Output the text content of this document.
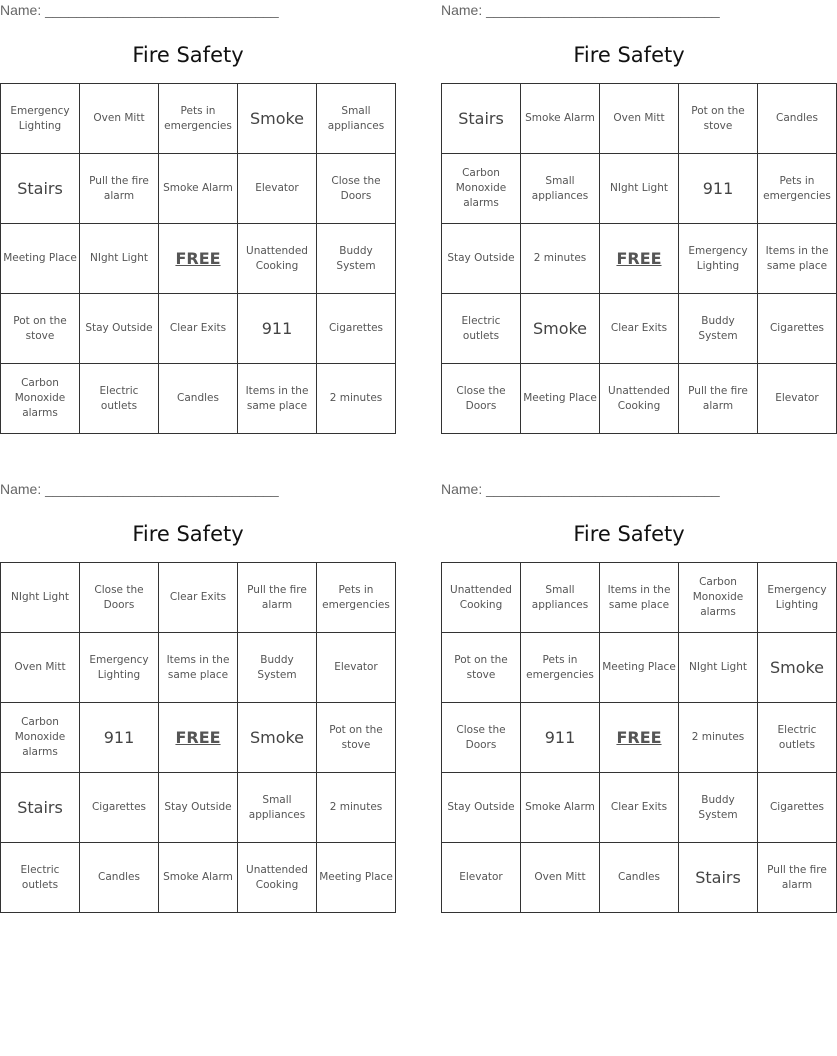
Name: ______________________________
Fire Safety
Emergency Lighting	Oven Mitt	Pets in emergencies	Smoke	Small appliances
Stairs	Pull the fire alarm	Smoke Alarm	Elevator	Close the Doors
Meeting Place	NIght Light	FREE	Unattended Cooking	Buddy System
Pot on the stove	Stay Outside	Clear Exits	911	Cigarettes
Carbon Monoxide alarms	Electric outlets	Candles	Items in the same place	2 minutes
Name: ______________________________
Fire Safety
Stairs	Smoke Alarm	Oven Mitt	Pot on the stove	Candles
Carbon Monoxide alarms	Small appliances	NIght Light	911	Pets in emergencies
Stay Outside	2 minutes	FREE	Emergency Lighting	Items in the same place
Electric outlets	Smoke	Clear Exits	Buddy System	Cigarettes
Close the Doors	Meeting Place	Unattended Cooking	Pull the fire alarm	Elevator
Name: ______________________________
Fire Safety
NIght Light	Close the Doors	Clear Exits	Pull the fire alarm	Pets in emergencies
Oven Mitt	Emergency Lighting	Items in the same place	Buddy System	Elevator
Carbon Monoxide alarms	911	FREE	Smoke	Pot on the stove
Stairs	Cigarettes	Stay Outside	Small appliances	2 minutes
Electric outlets	Candles	Smoke Alarm	Unattended Cooking	Meeting Place
Name: ______________________________
Fire Safety
Unattended Cooking	Small appliances	Items in the same place	Carbon Monoxide alarms	Emergency Lighting
Pot on the stove	Pets in emergencies	Meeting Place	NIght Light	Smoke
Close the Doors	911	FREE	2 minutes	Electric outlets
Stay Outside	Smoke Alarm	Clear Exits	Buddy System	Cigarettes
Elevator	Oven Mitt	Candles	Stairs	Pull the fire alarm
